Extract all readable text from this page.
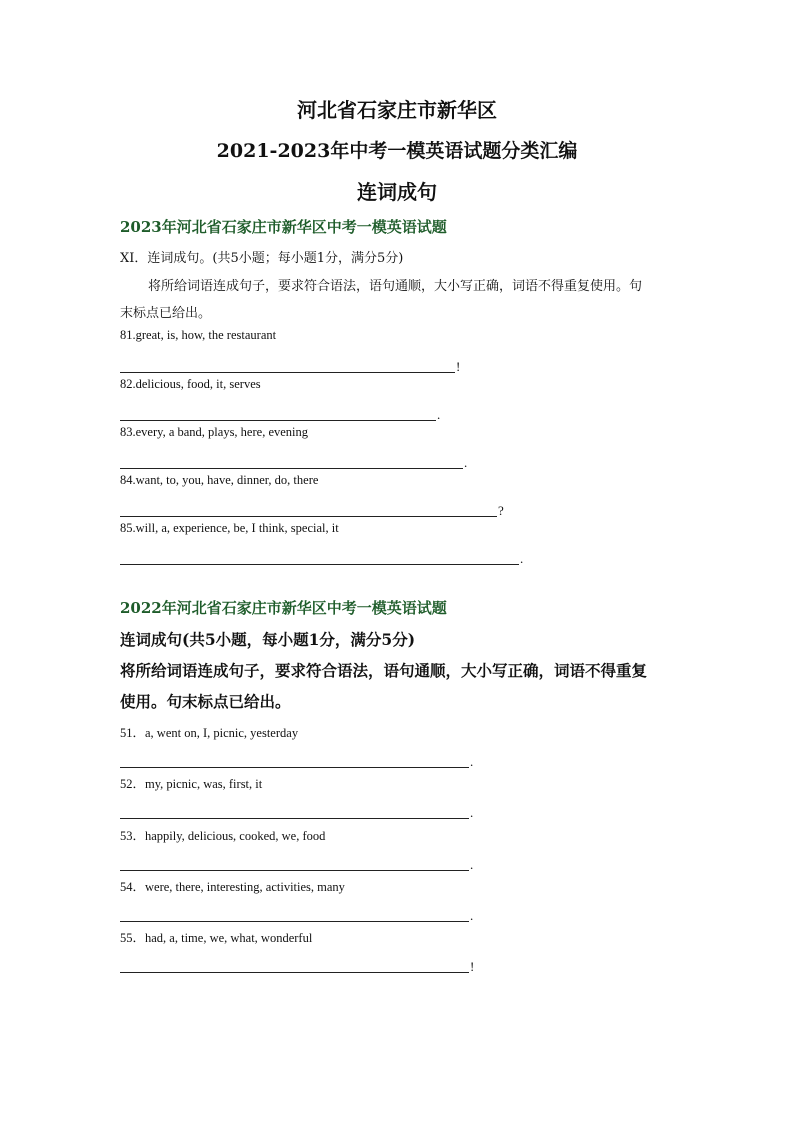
河北省石家庄市新华区
2021-2023年中考一模英语试题分类汇编
连词成句
2023年河北省石家庄市新华区中考一模英语试题
XI．连词成句。(共5小题；每小题1分，满分5分)
将所给词语连成句子，要求符合语法，语句通顺，大小写正确，词语不得重复使用。句
末标点已给出。
81.great, is, how, the restaurant
!
82.delicious, food, it, serves
.
83.every, a band, plays, here, evening
.
84.want, to, you, have, dinner, do, there
?
85.will, a, experience, be, I think, special, it
.
2022年河北省石家庄市新华区中考一模英语试题
连词成句(共5小题，每小题1分，满分5分)
将所给词语连成句子，要求符合语法，语句通顺，大小写正确，词语不得重复
使用。句末标点已给出。
51．a, went on, I, picnic, yesterday
.
52．my, picnic, was, first, it
.
53．happily, delicious, cooked, we, food
.
54．were, there, interesting, activities, many
.
55．had, a, time, we, what, wonderful
!
